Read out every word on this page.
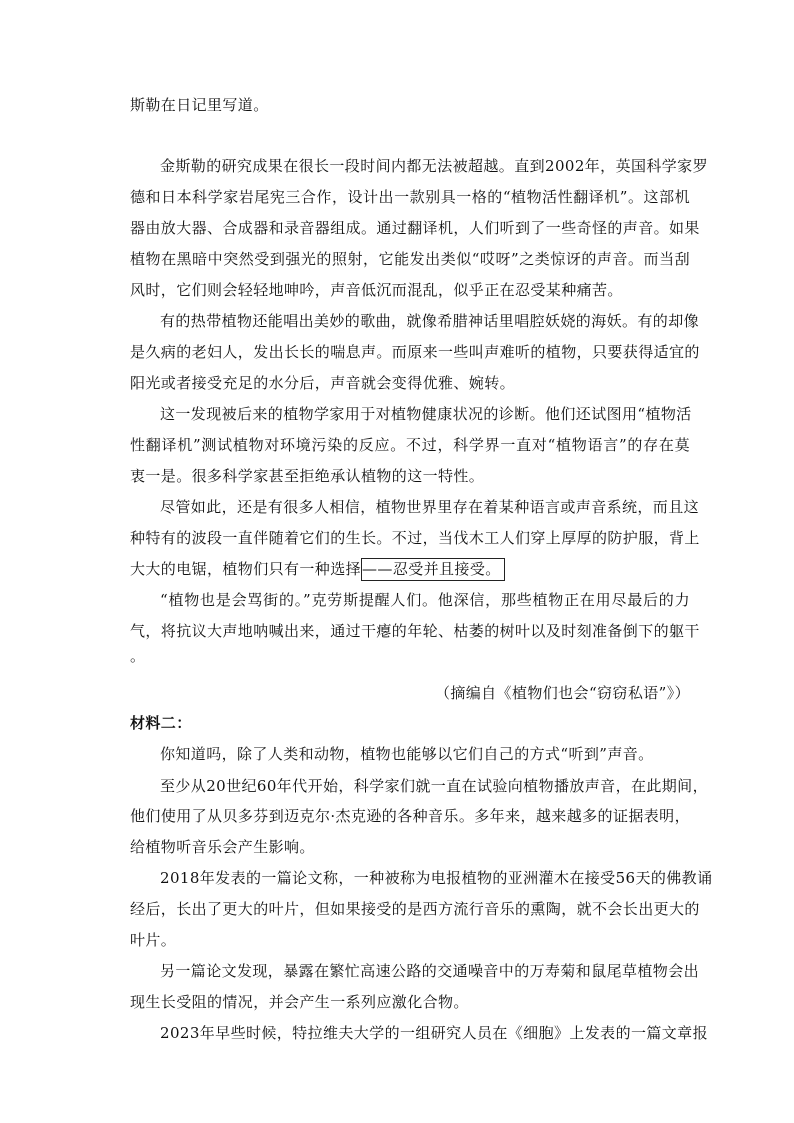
斯勒在日记里写道。
金斯勒的研究成果在很长一段时间内都无法被超越。直到2002年，英国科学家罗
德和日本科学家岩尾宪三合作，设计出一款别具一格的“植物活性翻译机”。这部机
器由放大器、合成器和录音器组成。通过翻译机，人们听到了一些奇怪的声音。如果
植物在黑暗中突然受到强光的照射，它能发出类似“哎呀”之类惊讶的声音。而当刮
风时，它们则会轻轻地呻吟，声音低沉而混乱，似乎正在忍受某种痛苦。
有的热带植物还能唱出美妙的歌曲，就像希腊神话里唱腔妖娆的海妖。有的却像
是久病的老妇人，发出长长的喘息声。而原来一些叫声难听的植物，只要获得适宜的
阳光或者接受充足的水分后，声音就会变得优雅、婉转。
这一发现被后来的植物学家用于对植物健康状况的诊断。他们还试图用“植物活
性翻译机”测试植物对环境污染的反应。不过，科学界一直对“植物语言”的存在莫
衷一是。很多科学家甚至拒绝承认植物的这一特性。
尽管如此，还是有很多人相信，植物世界里存在着某种语言或声音系统，而且这
种特有的波段一直伴随着它们的生长。不过，当伐木工人们穿上厚厚的防护服，背上
大大的电锯，植物们只有一种选择——忍受并且接受。
“植物也是会骂街的。”克劳斯提醒人们。他深信，那些植物正在用尽最后的力
气，将抗议大声地呐喊出来，通过干瘪的年轮、枯萎的树叶以及时刻准备倒下的躯干
。
（摘编自《植物们也会“窃窃私语”》）
材料二：
你知道吗，除了人类和动物，植物也能够以它们自己的方式“听到”声音。
至少从20世纪60年代开始，科学家们就一直在试验向植物播放声音，在此期间，
他们使用了从贝多芬到迈克尔·杰克逊的各种音乐。多年来，越来越多的证据表明，
给植物听音乐会产生影响。
2018年发表的一篇论文称，一种被称为电报植物的亚洲灌木在接受56天的佛教诵
经后，长出了更大的叶片，但如果接受的是西方流行音乐的熏陶，就不会长出更大的
叶片。
另一篇论文发现，暴露在繁忙高速公路的交通噪音中的万寿菊和鼠尾草植物会出
现生长受阻的情况，并会产生一系列应激化合物。
2023年早些时候，特拉维夫大学的一组研究人员在《细胞》上发表的一篇文章报
